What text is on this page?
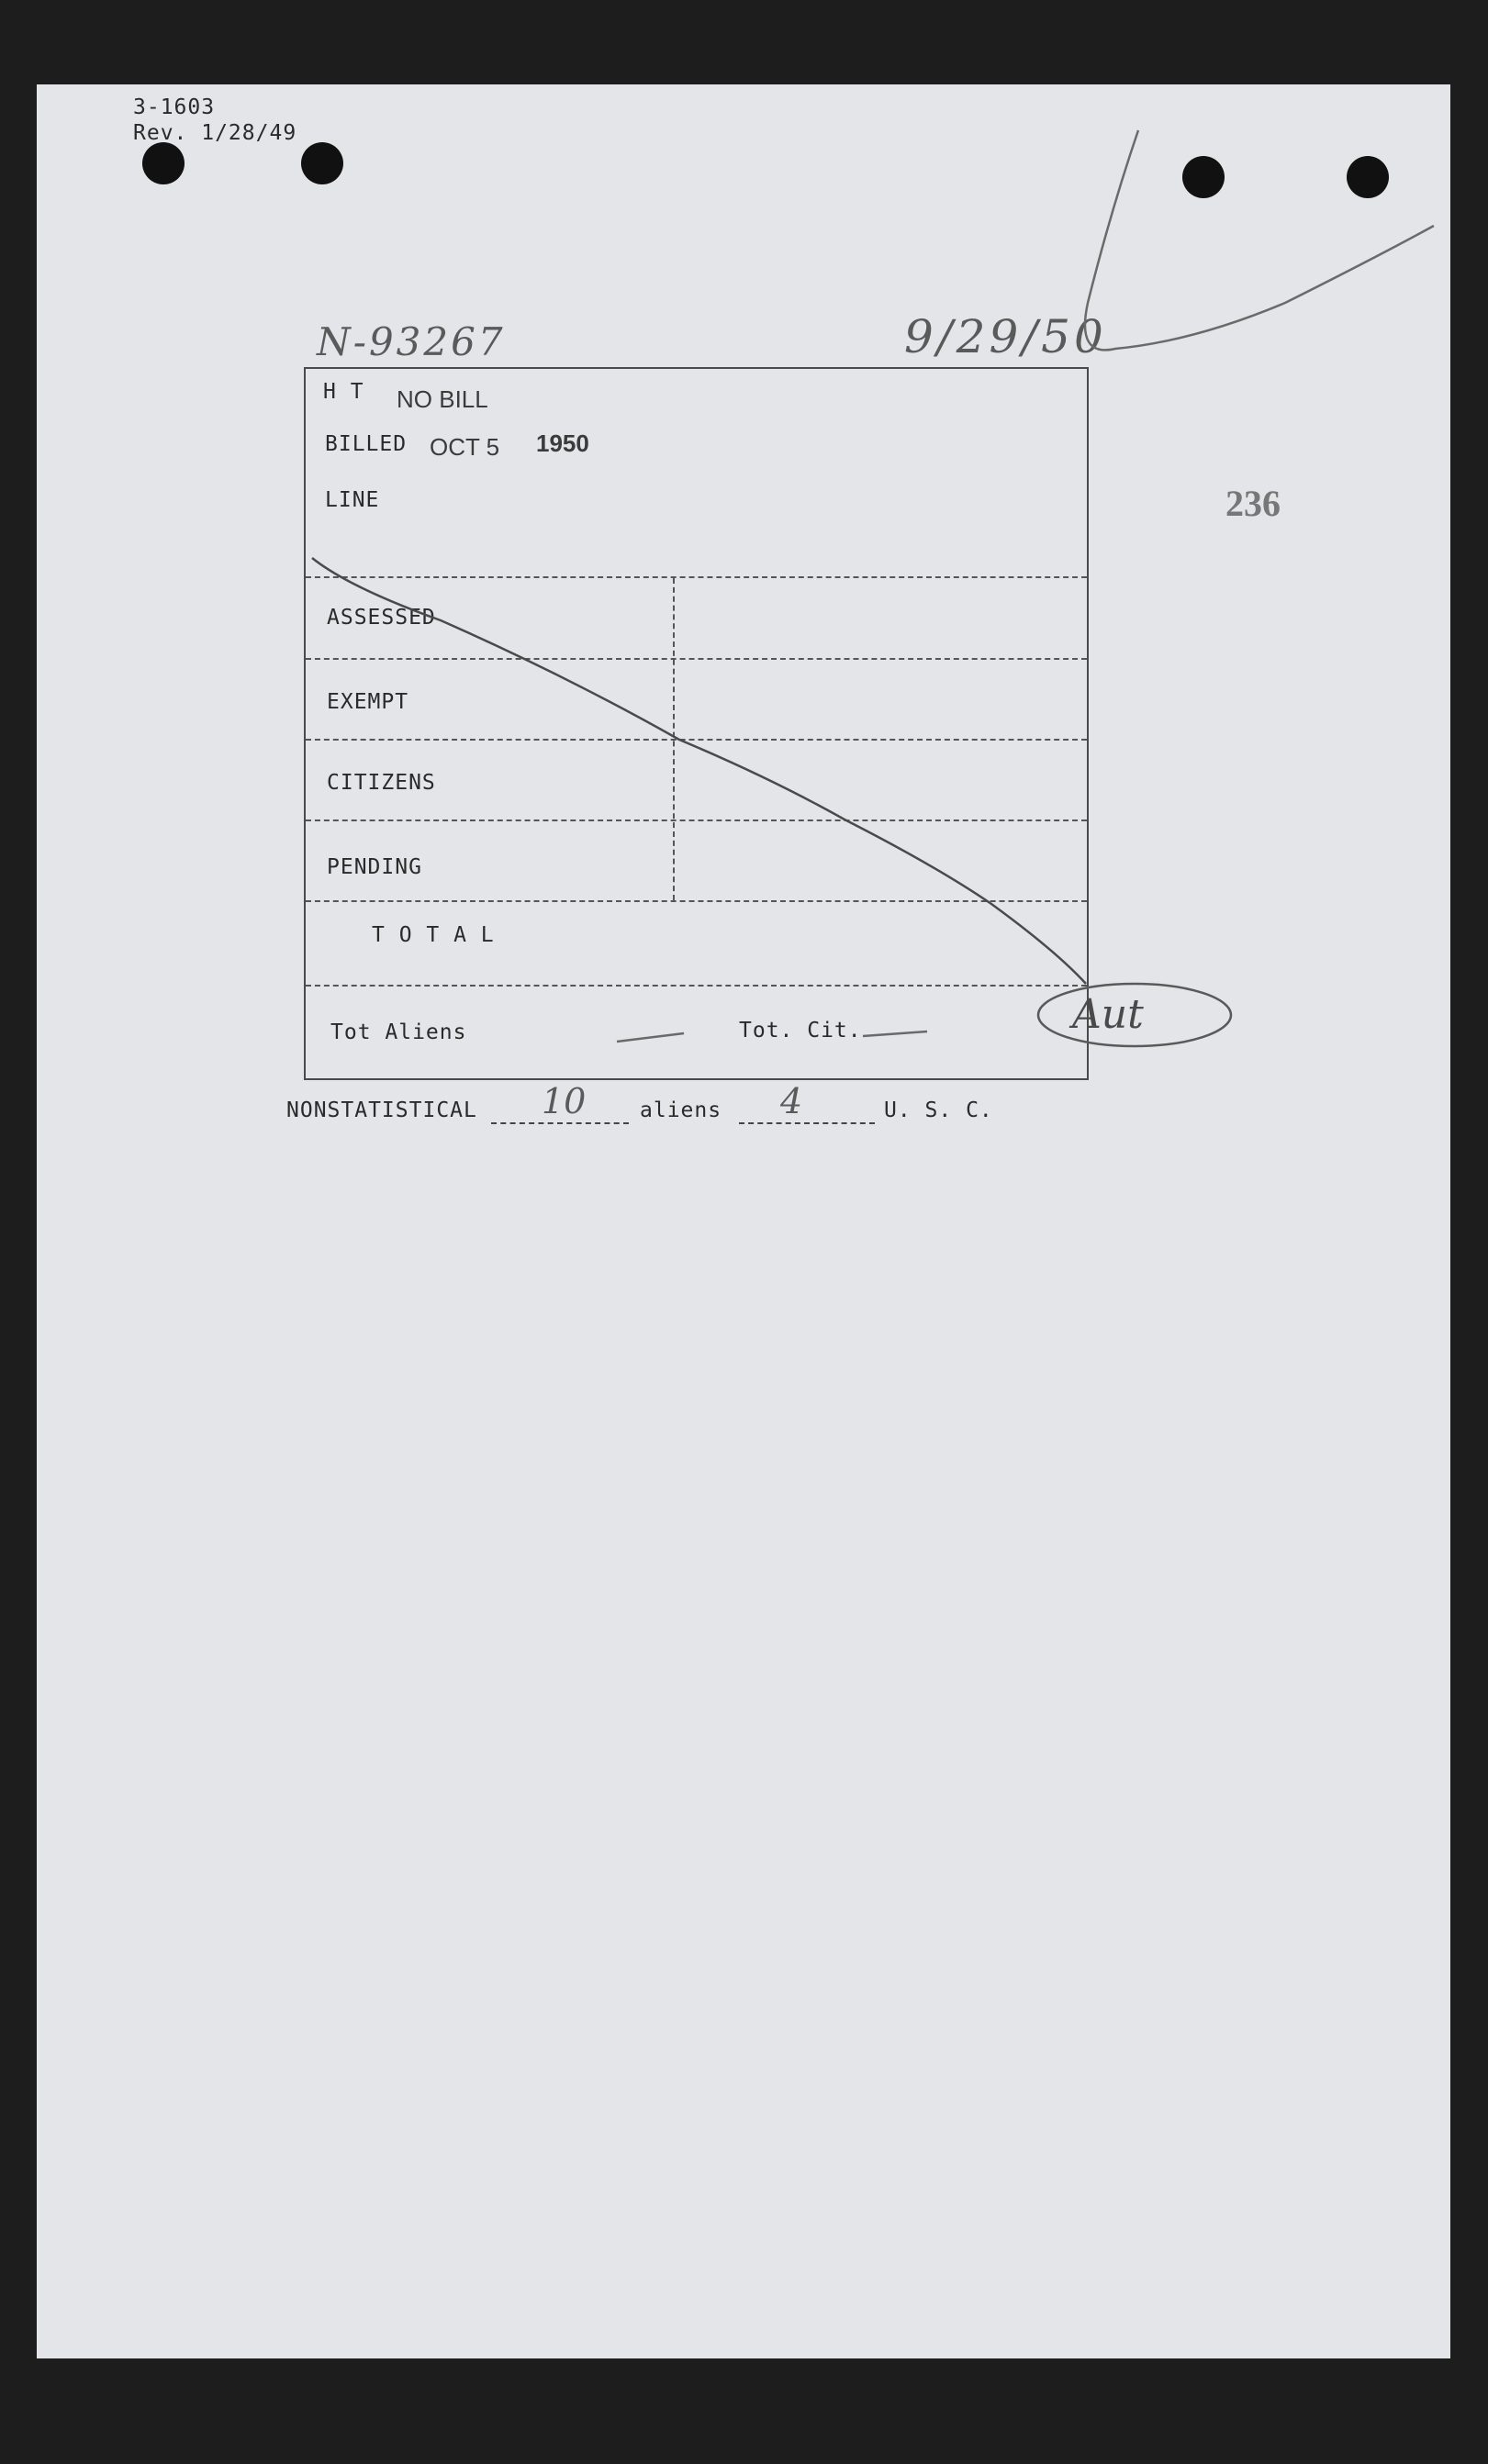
3-1603
Rev. 1/28/49
N-93267	9/29/50
236
H T NO BILL
BILLED OCT 5 1950
LINE
ASSESSED
EXEMPT
CITIZENS
PENDING
T O T A L
Tot Aliens	Tot. Cit.	Aut
NONSTATISTICAL 10	aliens 4	U. S. C.
